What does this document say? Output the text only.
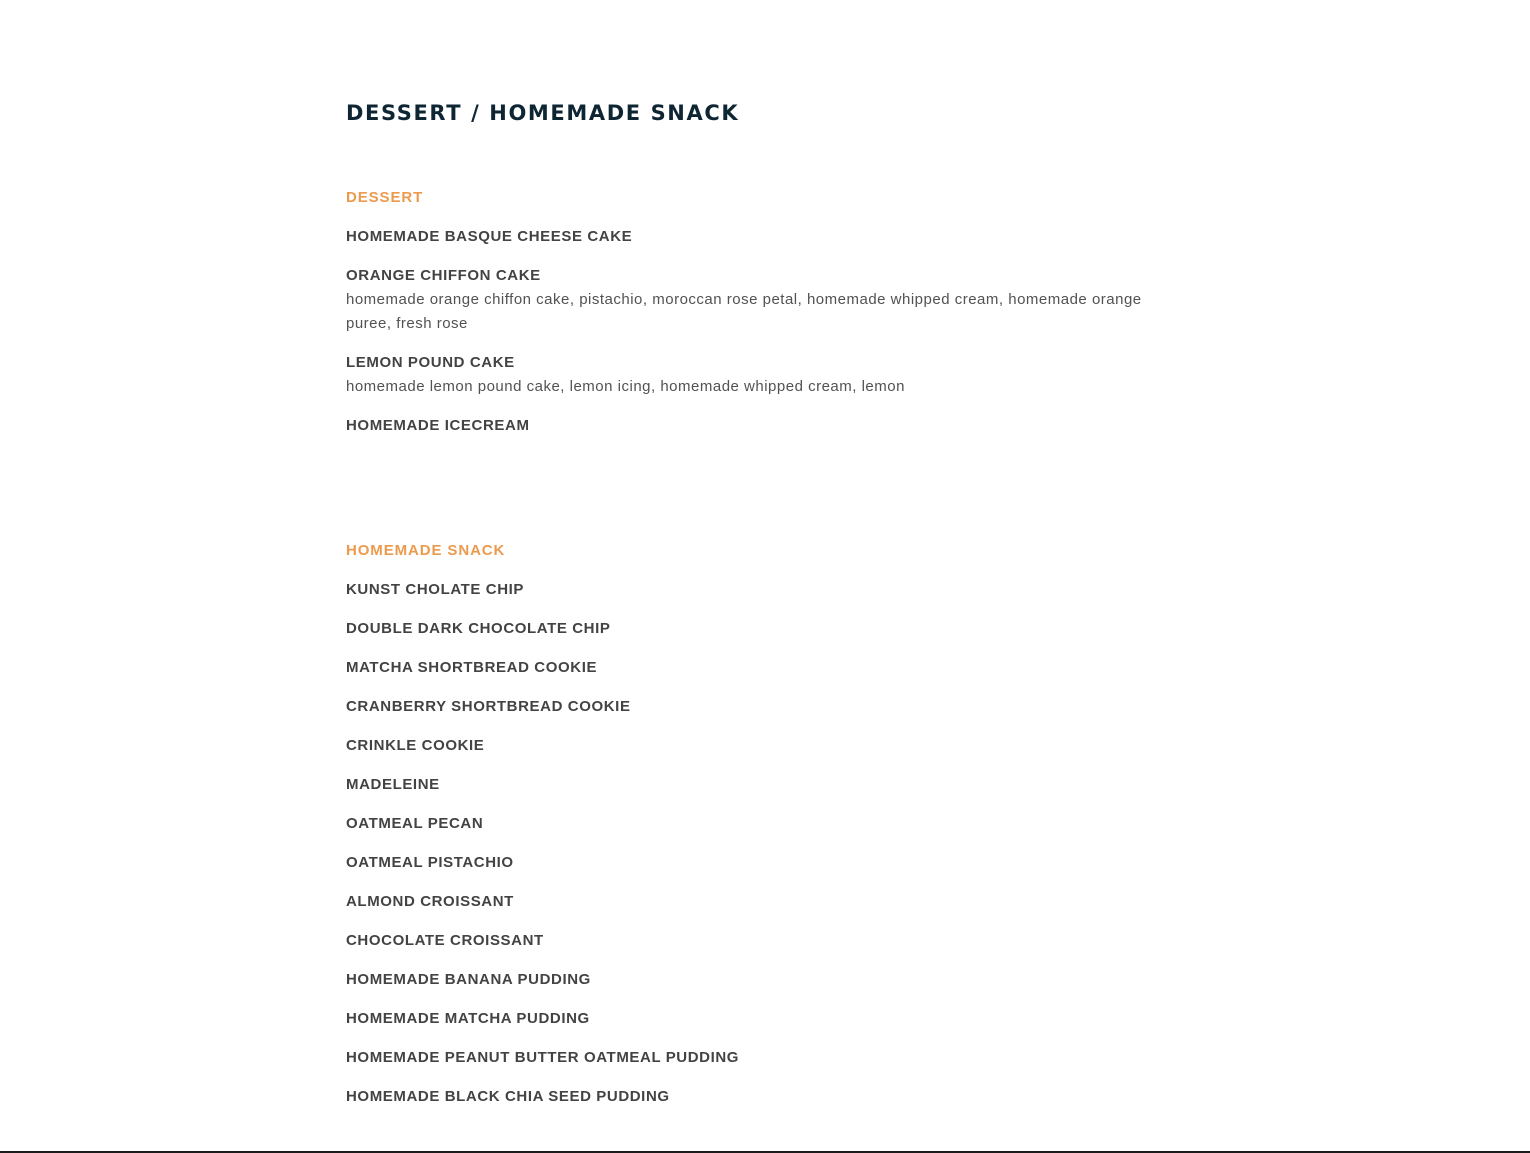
DESSERT / HOMEMADE SNACK
DESSERT
HOMEMADE BASQUE CHEESE CAKE
ORANGE CHIFFON CAKE
homemade orange chiffon cake, pistachio, moroccan rose petal, homemade whipped cream, homemade orange puree, fresh rose
LEMON POUND CAKE
homemade lemon pound cake, lemon icing, homemade whipped cream, lemon
HOMEMADE ICECREAM
HOMEMADE SNACK
KUNST CHOLATE CHIP
DOUBLE DARK CHOCOLATE CHIP
MATCHA SHORTBREAD COOKIE
CRANBERRY SHORTBREAD COOKIE
CRINKLE COOKIE
MADELEINE
OATMEAL PECAN
OATMEAL PISTACHIO
ALMOND CROISSANT
CHOCOLATE CROISSANT
HOMEMADE BANANA PUDDING
HOMEMADE MATCHA PUDDING
HOMEMADE PEANUT BUTTER OATMEAL PUDDING
HOMEMADE BLACK CHIA SEED PUDDING
